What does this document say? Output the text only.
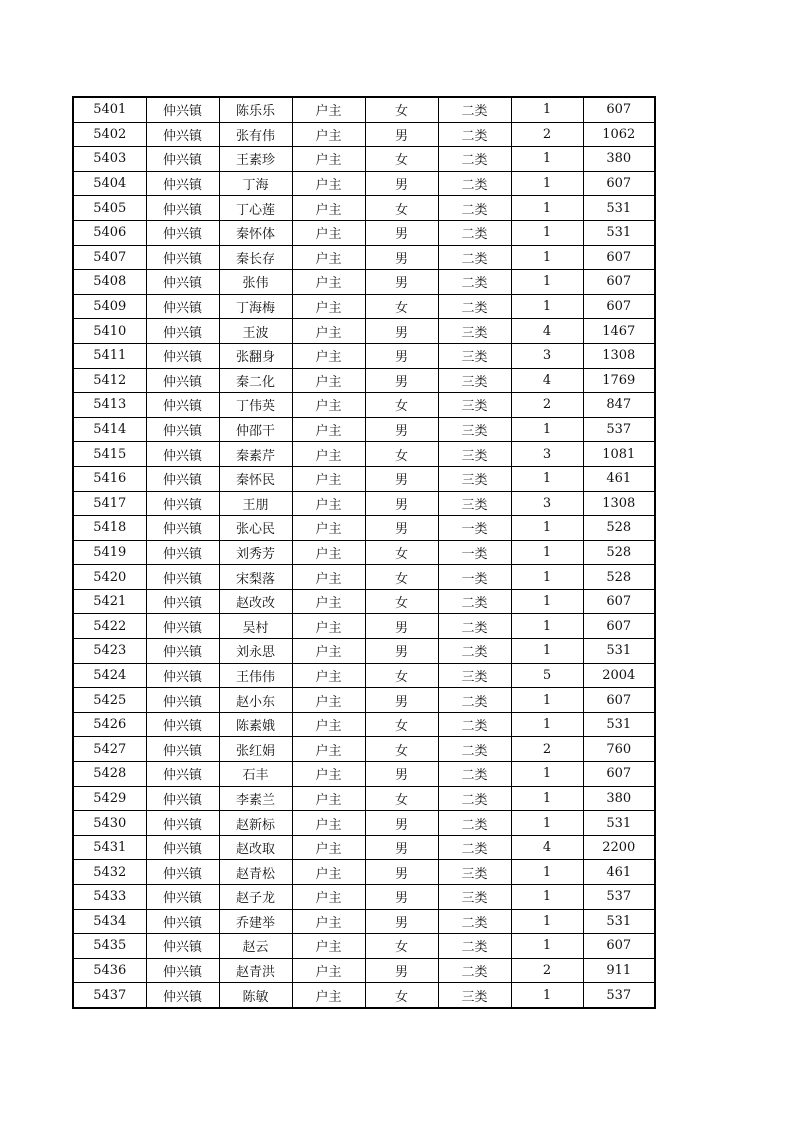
5401	仲兴镇	陈乐乐	户主	女	二类	1	607
5402	仲兴镇	张有伟	户主	男	二类	2	1062
5403	仲兴镇	王素珍	户主	女	二类	1	380
5404	仲兴镇	丁海	户主	男	二类	1	607
5405	仲兴镇	丁心莲	户主	女	二类	1	531
5406	仲兴镇	秦怀体	户主	男	二类	1	531
5407	仲兴镇	秦长存	户主	男	二类	1	607
5408	仲兴镇	张伟	户主	男	二类	1	607
5409	仲兴镇	丁海梅	户主	女	二类	1	607
5410	仲兴镇	王波	户主	男	三类	4	1467
5411	仲兴镇	张翻身	户主	男	三类	3	1308
5412	仲兴镇	秦二化	户主	男	三类	4	1769
5413	仲兴镇	丁伟英	户主	女	三类	2	847
5414	仲兴镇	仲邵干	户主	男	三类	1	537
5415	仲兴镇	秦素芹	户主	女	三类	3	1081
5416	仲兴镇	秦怀民	户主	男	三类	1	461
5417	仲兴镇	王朋	户主	男	三类	3	1308
5418	仲兴镇	张心民	户主	男	一类	1	528
5419	仲兴镇	刘秀芳	户主	女	一类	1	528
5420	仲兴镇	宋梨落	户主	女	一类	1	528
5421	仲兴镇	赵改改	户主	女	二类	1	607
5422	仲兴镇	吴村	户主	男	二类	1	607
5423	仲兴镇	刘永思	户主	男	二类	1	531
5424	仲兴镇	王伟伟	户主	女	三类	5	2004
5425	仲兴镇	赵小东	户主	男	二类	1	607
5426	仲兴镇	陈素娥	户主	女	二类	1	531
5427	仲兴镇	张红娟	户主	女	二类	2	760
5428	仲兴镇	石丰	户主	男	二类	1	607
5429	仲兴镇	李素兰	户主	女	二类	1	380
5430	仲兴镇	赵新标	户主	男	二类	1	531
5431	仲兴镇	赵改取	户主	男	二类	4	2200
5432	仲兴镇	赵青松	户主	男	三类	1	461
5433	仲兴镇	赵子龙	户主	男	三类	1	537
5434	仲兴镇	乔建举	户主	男	二类	1	531
5435	仲兴镇	赵云	户主	女	二类	1	607
5436	仲兴镇	赵青洪	户主	男	二类	2	911
5437	仲兴镇	陈敏	户主	女	三类	1	537
